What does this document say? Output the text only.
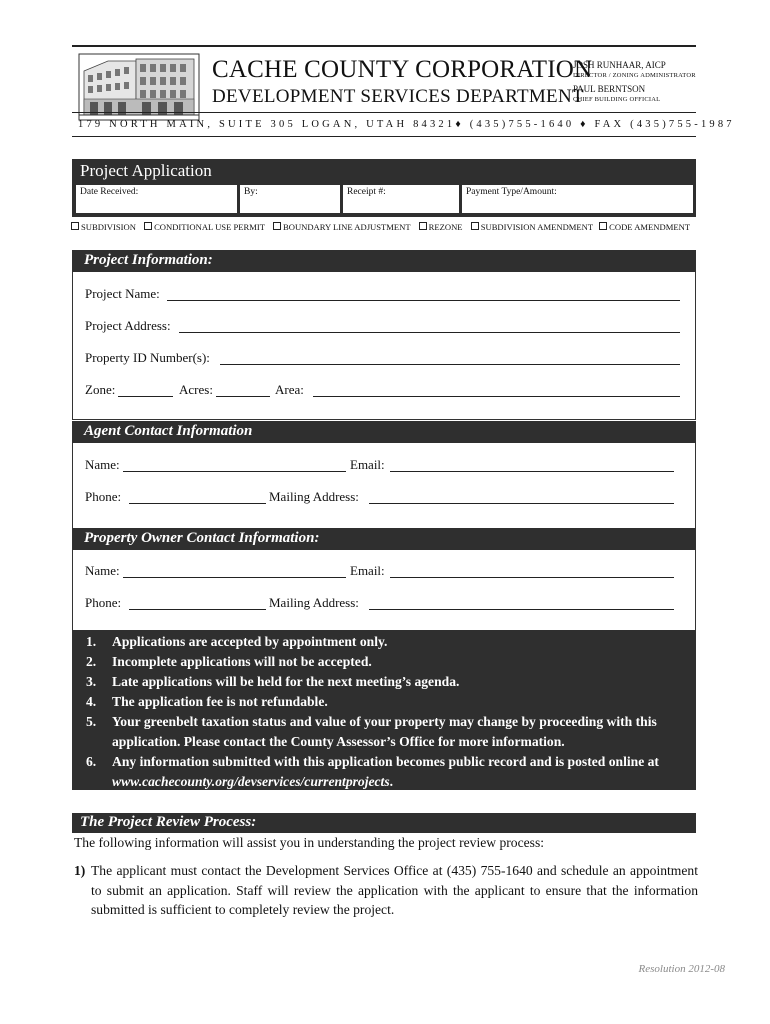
CACHE COUNTY CORPORATION
DEVELOPMENT SERVICES DEPARTMENT
JOSH RUNHAAR, AICP
DIRECTOR / ZONING ADMINISTRATOR
PAUL BERNTSON
CHIEF BUILDING OFFICIAL
179 NORTH MAIN, SUITE 305 LOGAN, UTAH 84321♦ (435)755-1640 ♦ FAX (435)755-1987
Project Application
Date Received:	By:	Receipt #:	Payment Type/Amount:
SUBDIVISION CONDITIONAL USE PERMIT BOUNDARY LINE ADJUSTMENT REZONE SUBDIVISION AMENDMENT CODE AMENDMENT
Project Information:
Project Name:
Project Address:
Property ID Number(s):
Zone:	Acres:	Area:
Agent Contact Information
Name:	Email:
Phone:	Mailing Address:
Property Owner Contact Information:
Name:	Email:
Phone:	Mailing Address:
1. Applications are accepted by appointment only.
2. Incomplete applications will not be accepted.
3. Late applications will be held for the next meeting’s agenda.
4. The application fee is not refundable.
5. Your greenbelt taxation status and value of your property may change by proceeding with this application. Please contact the County Assessor’s Office for more information.
6. Any information submitted with this application becomes public record and is posted online at www.cachecounty.org/devservices/currentprojects.
The Project Review Process:
The following information will assist you in understanding the project review process:
1) The applicant must contact the Development Services Office at (435) 755-1640 and schedule an appointment to submit an application. Staff will review the application with the applicant to ensure that the information submitted is sufficient to completely review the project.
Resolution 2012-08
